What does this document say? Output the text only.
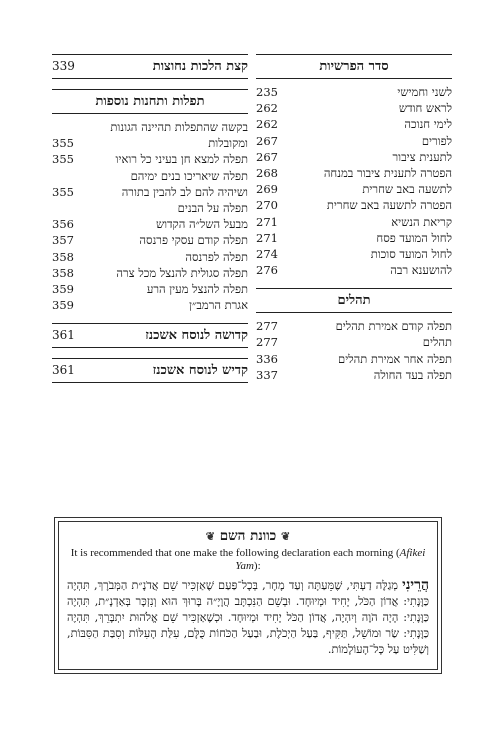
סדר הפרשיות
לשני וחמישי
235
לראש חודש
262
לימי חנוכה
262
לפורים
267
לתענית ציבור
267
הפטרה לתענית ציבור במנחה
268
לתשעה באב שחרית
269
הפטרה לתשעה באב שחרית
270
קריאת הנשיא
271
לחול המועד פסח
271
לחול המועד סוכות
274
להושענא רבה
276
תהלים
תפלה קודם אמירת תהלים
277
תהלים
277
תפלה אחר אמירת תהלים
336
תפלה בעד החולה
337
קצת הלכות נחוצות
339
תפלות ותחנות נוספות
בקשה שהתפלות תהיינה הגונות
ומקובלות
355
תפלה למצא חן בעיני כל רואיו
355
תפלה שיאריכו בנים ימיהם
ושיהיה להם לב להבין בתורה
355
תפלה על הבנים
מבעל השל״ה הקדוש
356
תפלה קודם עסקי פרנסה
357
תפלה לפרנסה
358
תפלה סגולית להנצל מכל צרה
358
תפלה להנצל מעין הרע
359
אגרת הרמב״ן
359
קדושה לנוסח אשכנז
361
קדיש לנוסח אשכנז
361
❦ כוונת השם ❦
It is recommended that one make the following declaration each morning (Afikei Yam):
הֲרֵינִי מְגַלֶּה דַעְתִּי, שֶׁמֵּעַתָּה וְעַד מָחָר, בְּכָל־פַּעַם שֶׁאַזְכִּיר שֵׁם אֲדֹנָ״ת הַמְּבֹרָךְ, תִּהְיֶה כַּוָּנָתִי: אֲדוֹן הַכֹּל, יָחִיד וּמְיוּחָד. וּבְשֵׁם הַנִּכְתָּב הֲוָיָ״ה בָּרוּךְ הוּא וְנִזְכָּר בְּאַדְנָ״ת, תִּהְיֶה כַּוָּנָתִי: הָיָה הֹוֶה וְיִהְיֶה, אֲדוֹן הַכֹּל יָחִיד וּמְיוּחָד. וּכְשֶׁאַזְכִּיר שֵׁם אֱלֹהוּת יִתְבָּרֵךְ, תִּהְיֶה כַּוָּנָתִי: שַׂר וּמוֹשֵׁל, תַּקִּיף, בַּעַל הַיְכֹלֶת, וּבַעַל הַכֹּחוֹת כֻּלָּם, עִלַּת הָעִלּוֹת וְסִבַּת הַסִּבּוֹת, וְשַׁלִּיט עַל כָּל־הָעוֹלָמוֹת.
